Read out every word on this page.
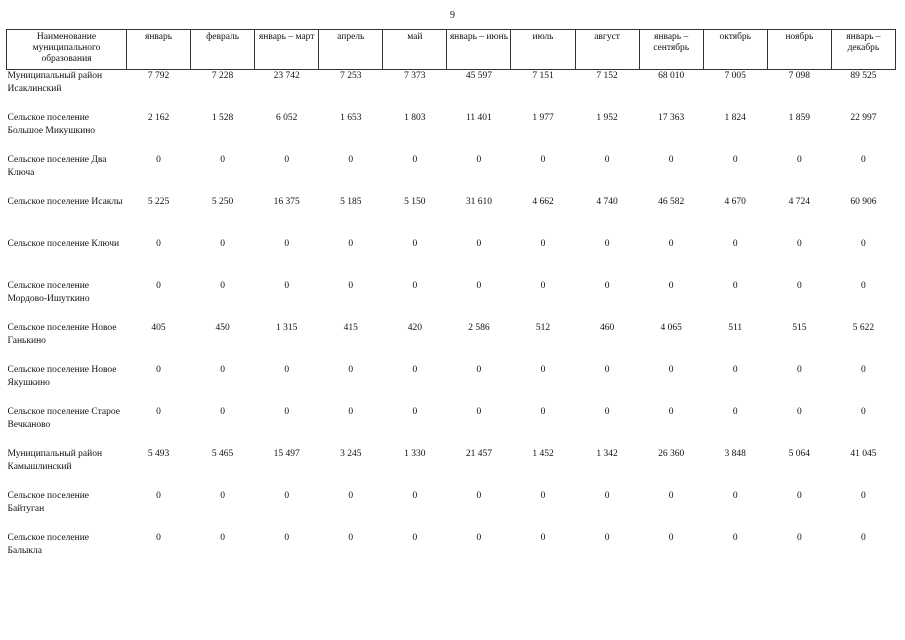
9
Наименование муниципального образования	январь	февраль	январь – март	апрель	май	январь – июнь	июль	август	январь – сентябрь	октябрь	ноябрь	январь – декабрь
Муниципальный район Исаклинский	7 792	7 228	23 742	7 253	7 373	45 597	7 151	7 152	68 010	7 005	7 098	89 525
Сельское поселение Большое Микушкино	2 162	1 528	6 052	1 653	1 803	11 401	1 977	1 952	17 363	1 824	1 859	22 997
Сельское поселение Два Ключа	0	0	0	0	0	0	0	0	0	0	0	0
Сельское поселение Исаклы	5 225	5 250	16 375	5 185	5 150	31 610	4 662	4 740	46 582	4 670	4 724	60 906
Сельское поселение Ключи	0	0	0	0	0	0	0	0	0	0	0	0
Сельское поселение Мордово-Ишуткино	0	0	0	0	0	0	0	0	0	0	0	0
Сельское поселение Новое Ганькино	405	450	1 315	415	420	2 586	512	460	4 065	511	515	5 622
Сельское поселение Новое Якушкино	0	0	0	0	0	0	0	0	0	0	0	0
Сельское поселение Старое Вечканово	0	0	0	0	0	0	0	0	0	0	0	0
Муниципальный район Камышлинский	5 493	5 465	15 497	3 245	1 330	21 457	1 452	1 342	26 360	3 848	5 064	41 045
Сельское поселение Байтуган	0	0	0	0	0	0	0	0	0	0	0	0
Сельское поселение Балыкла	0	0	0	0	0	0	0	0	0	0	0	0
